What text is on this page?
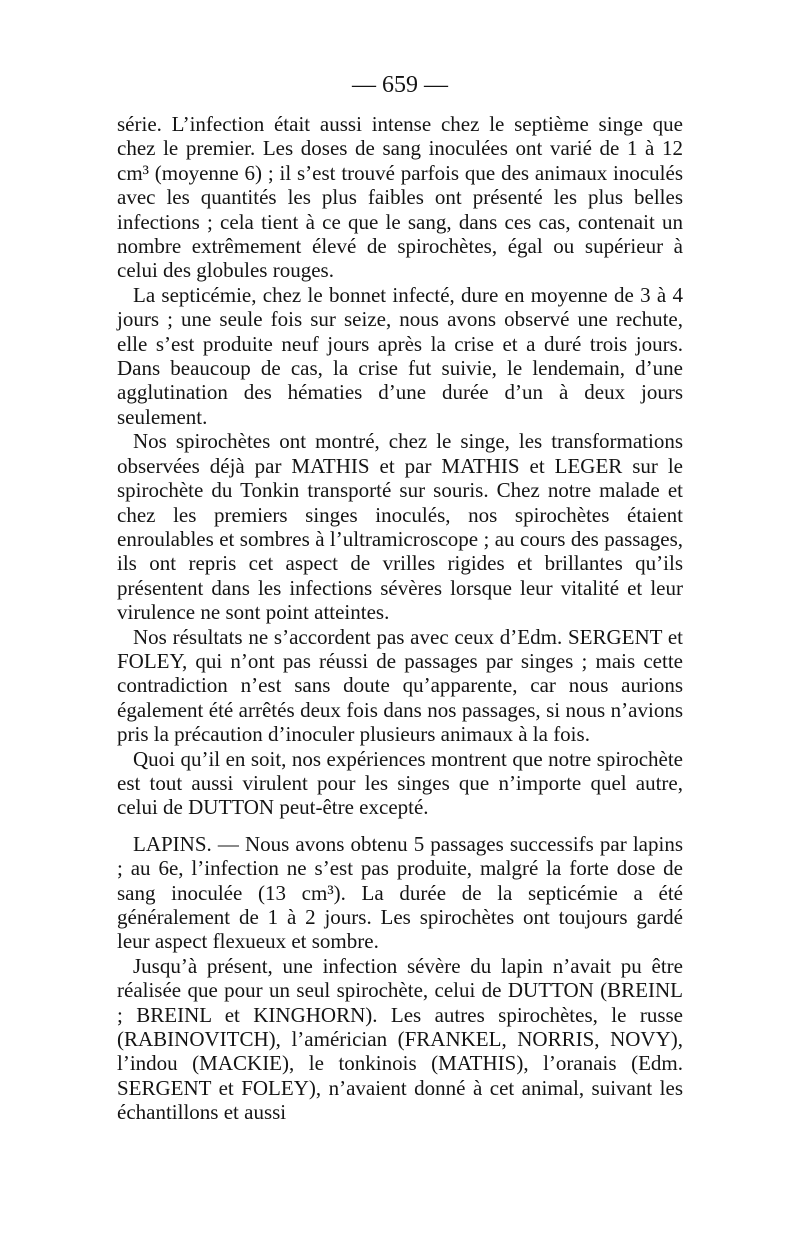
— 659 —

série. L’infection était aussi intense chez le septième singe que chez le premier. Les doses de sang inoculées ont varié de 1 à 12 cm³ (moyenne 6) ; il s’est trouvé parfois que des animaux inoculés avec les quantités les plus faibles ont présenté les plus belles infections ; cela tient à ce que le sang, dans ces cas, contenait un nombre extrêmement élevé de spirochètes, égal ou supérieur à celui des globules rouges.

La septicémie, chez le bonnet infecté, dure en moyenne de 3 à 4 jours ; une seule fois sur seize, nous avons observé une rechute, elle s’est produite neuf jours après la crise et a duré trois jours. Dans beaucoup de cas, la crise fut suivie, le lendemain, d’une agglutination des hématies d’une durée d’un à deux jours seulement.

Nos spirochètes ont montré, chez le singe, les transformations observées déjà par MATHIS et par MATHIS et LEGER sur le spirochète du Tonkin transporté sur souris. Chez notre malade et chez les premiers singes inoculés, nos spirochètes étaient enroulables et sombres à l’ultramicroscope ; au cours des passages, ils ont repris cet aspect de vrilles rigides et brillantes qu’ils présentent dans les infections sévères lorsque leur vitalité et leur virulence ne sont point atteintes.

Nos résultats ne s’accordent pas avec ceux d’Edm. SERGENT et FOLEY, qui n’ont pas réussi de passages par singes ; mais cette contradiction n’est sans doute qu’apparente, car nous aurions également été arrêtés deux fois dans nos passages, si nous n’avions pris la précaution d’inoculer plusieurs animaux à la fois.

Quoi qu’il en soit, nos expériences montrent que notre spirochète est tout aussi virulent pour les singes que n’importe quel autre, celui de DUTTON peut-être excepté.

LAPINS. — Nous avons obtenu 5 passages successifs par lapins ; au 6e, l’infection ne s’est pas produite, malgré la forte dose de sang inoculée (13 cm³). La durée de la septicémie a été généralement de 1 à 2 jours. Les spirochètes ont toujours gardé leur aspect flexueux et sombre.

Jusqu’à présent, une infection sévère du lapin n’avait pu être réalisée que pour un seul spirochète, celui de DUTTON (BREINL ; BREINL et KINGHORN). Les autres spirochètes, le russe (RABINOVITCH), l’américian (FRANKEL, NORRIS, NOVY), l’indou (MACKIE), le tonkinois (MATHIS), l’oranais (Edm. SERGENT et FOLEY), n’avaient donné à cet animal, suivant les échantillons et aussi
